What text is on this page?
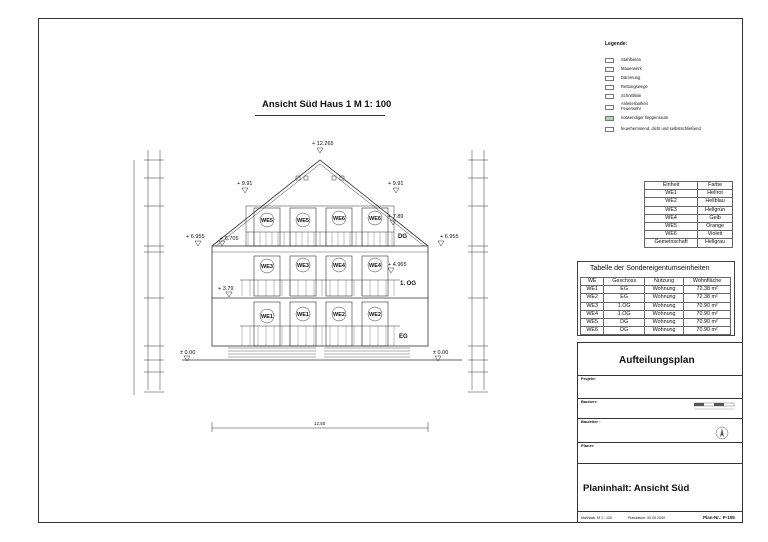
Ansicht Süd Haus 1 M 1: 100
+ 12.265
+ 9.91	+ 9.91
+ 7.89
+ 6.955	+ 6.705	+ 6.955
+ 4.965
+ 3.79
± 0.00	± 0.00
DG
1. OG
EG
WE5	WE5	WE6	WE6
WE3	WE3	WE4	WE4
WE1	WE1	WE2	WE2
12,50
Legende:
Stahlbeton
Mauerwerk
Dämmung
Rettungswege
Schnittlinie
Anleiterbarkeit Feuerwehr
notwendiger Ileppenraum
feuerhemmend, dicht und selbstschließend
Einheit	Farbe
WE1	Hellrot
WE2	Hellblau
WE3	Hellgrün
WE4	Gelb
WE5	Orange
WE6	Violett
Gemeinschaft	Hellgrau
Tabelle der Sondereigentumseinheiten
WE	Geschoss	Nutzung	Wohnfläche
WE1	EG	Wohnung	72.38 m²
WE2	EG	Wohnung	72.38 m²
WE3	1.OG	Wohnung	70.90 m²
WE4	1.OG	Wohnung	70.90 m²
WE5	DG	Wohnung	70.90 m²
WE6	DG	Wohnung	70.90 m²
Aufteilungsplan
Projekt:
Bauherr:
Bauleiter :
Planer:
Planinhalt: Ansicht Süd
Maßstab: M 1 : 100	Plandatum: 00.00.2000	Plan-Nr.: P-105
